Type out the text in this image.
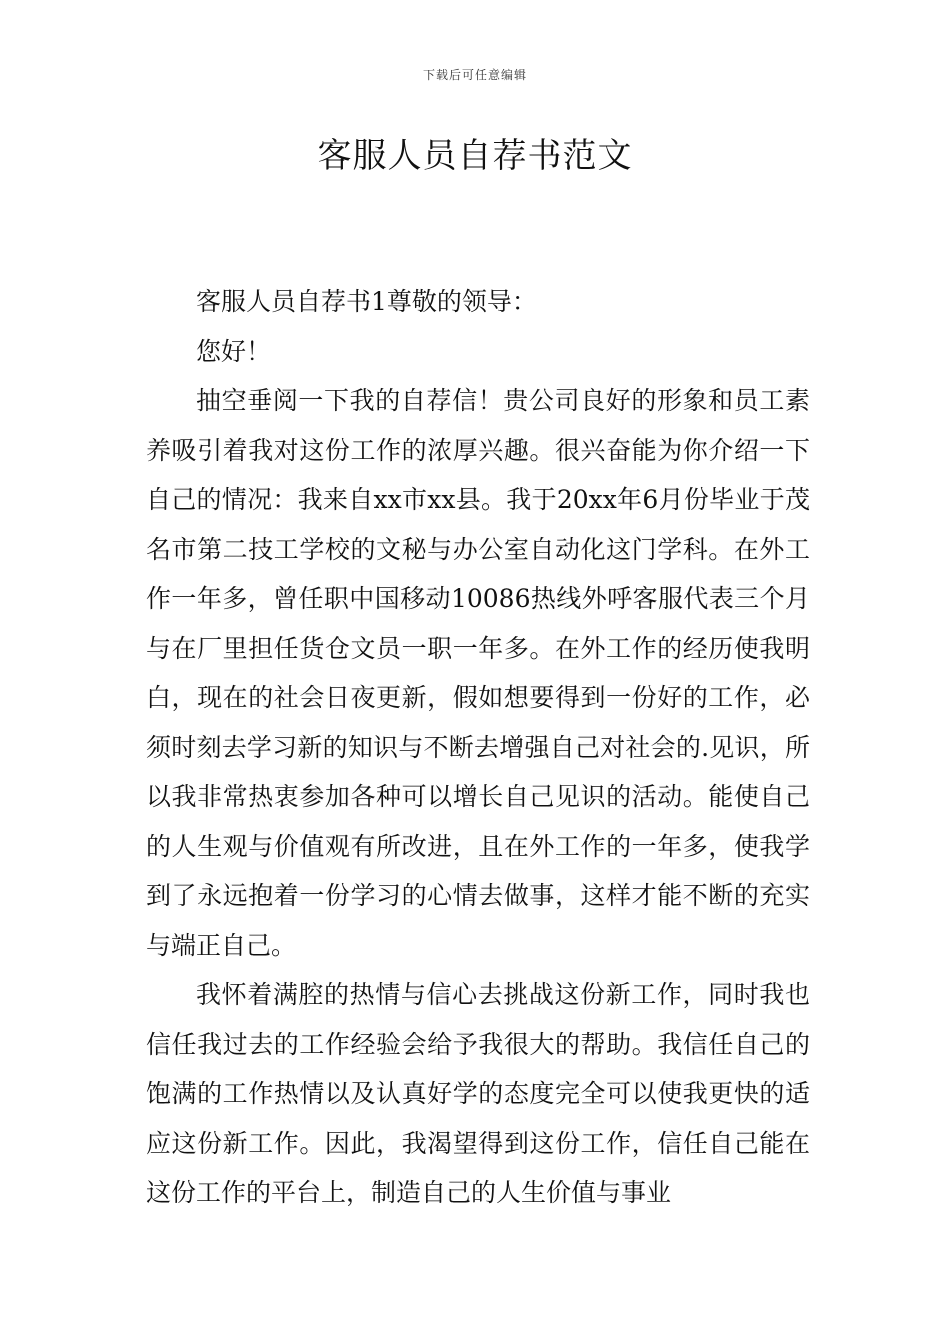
下载后可任意编辑
客服人员自荐书范文

客服人员自荐书1尊敬的领导：

您好！

抽空垂阅一下我的自荐信！贵公司良好的形象和员工素养吸引着我对这份工作的浓厚兴趣。很兴奋能为你介绍一下自己的情况：我来自xx市xx县。我于20xx年6月份毕业于茂名市第二技工学校的文秘与办公室自动化这门学科。在外工作一年多，曾任职中国移动10086热线外呼客服代表三个月与在厂里担任货仓文员一职一年多。在外工作的经历使我明白，现在的社会日夜更新，假如想要得到一份好的工作，必须时刻去学习新的知识与不断去增强自己对社会的.见识，所以我非常热衷参加各种可以增长自己见识的活动。能使自己的人生观与价值观有所改进，且在外工作的一年多，使我学到了永远抱着一份学习的心情去做事，这样才能不断的充实与端正自己。

我怀着满腔的热情与信心去挑战这份新工作，同时我也信任我过去的工作经验会给予我很大的帮助。我信任自己的饱满的工作热情以及认真好学的态度完全可以使我更快的适应这份新工作。因此，我渴望得到这份工作，信任自己能在这份工作的平台上，制造自己的人生价值与事业
